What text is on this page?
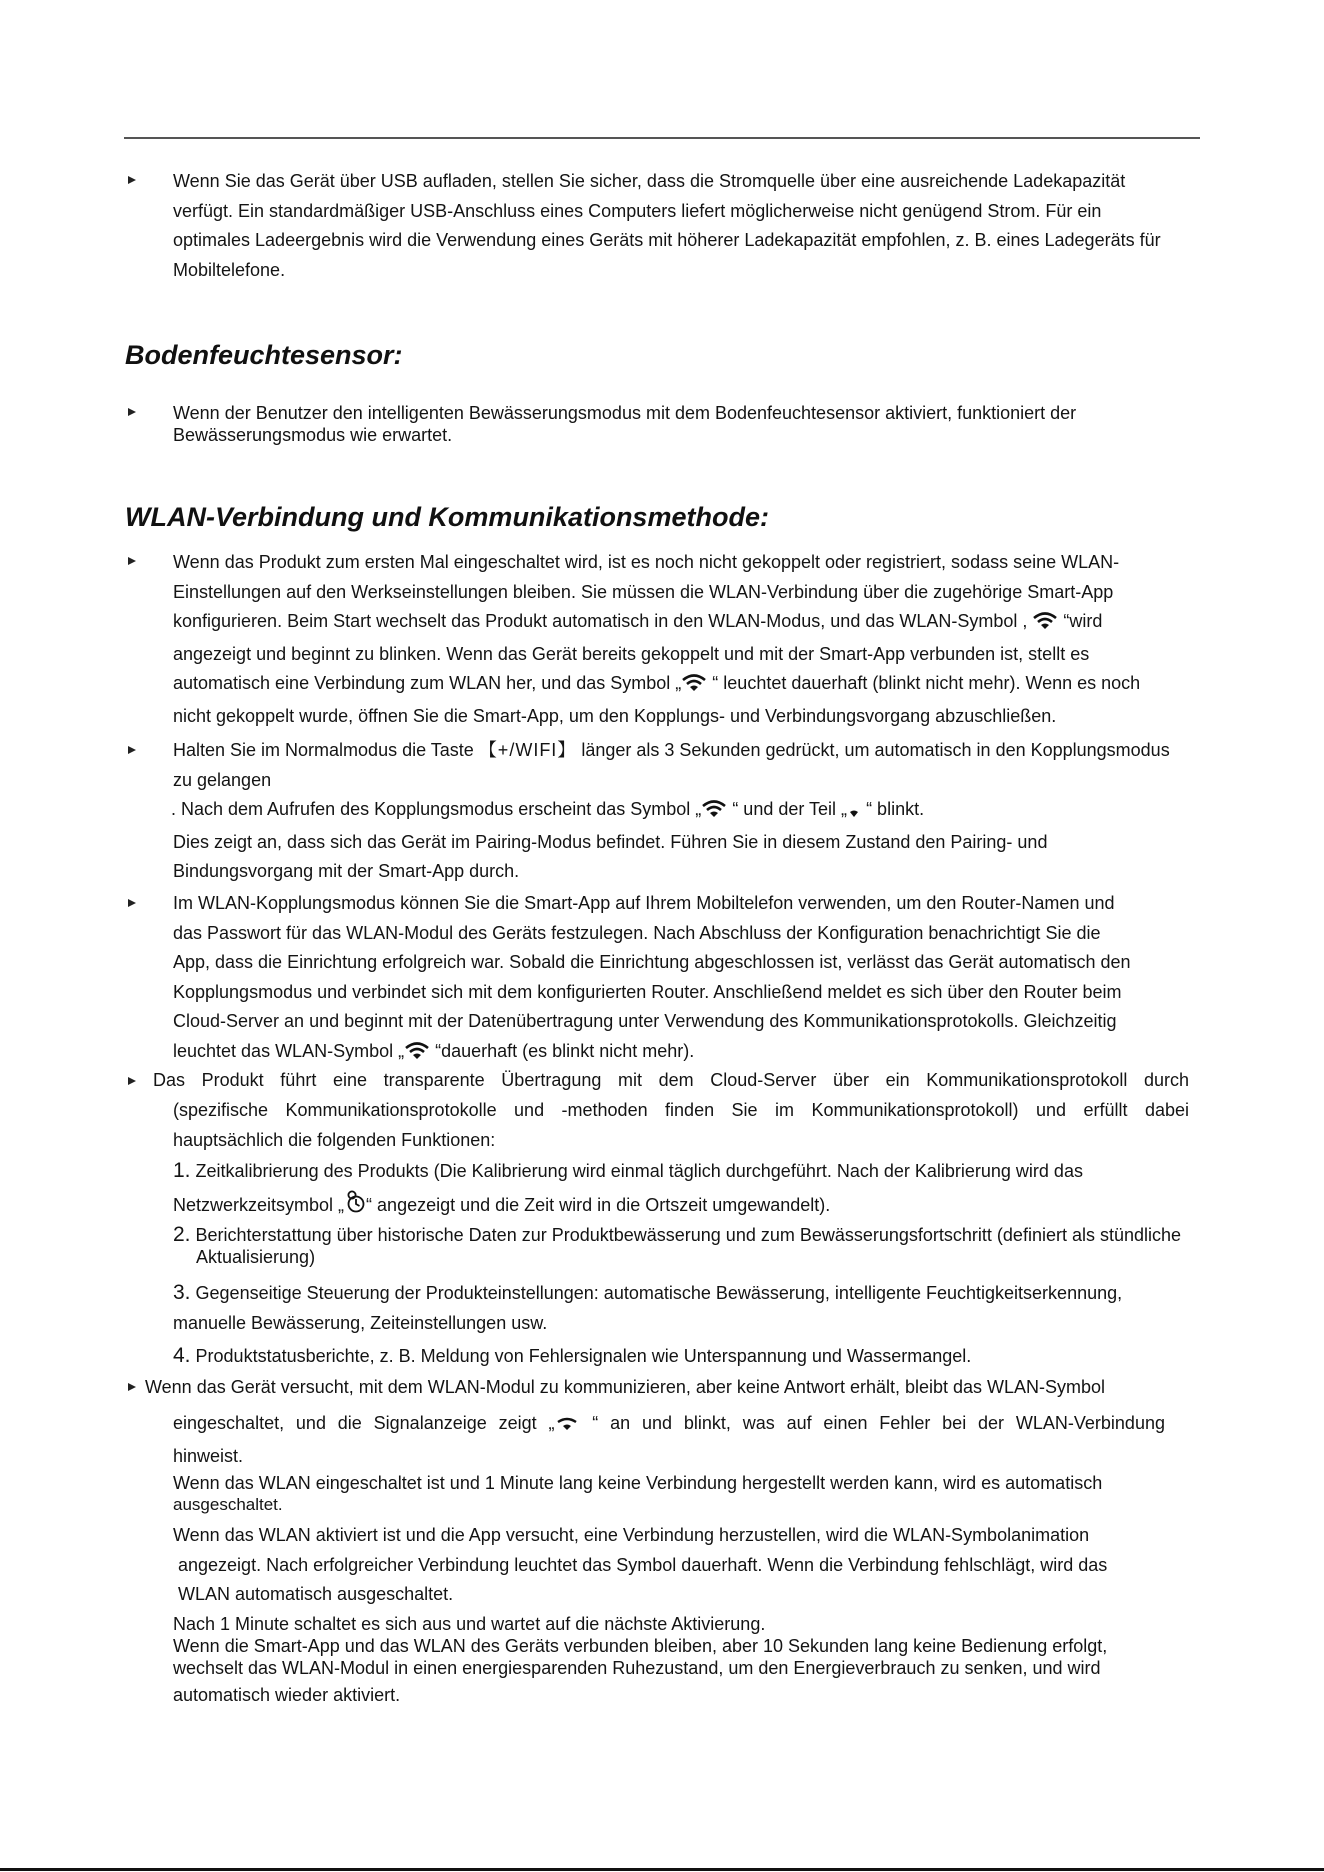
Wenn Sie das Gerät über USB aufladen, stellen Sie sicher, dass die Stromquelle über eine ausreichende Ladekapazität
verfügt. Ein standardmäßiger USB-Anschluss eines Computers liefert möglicherweise nicht genügend Strom. Für ein
optimales Ladeergebnis wird die Verwendung eines Geräts mit höherer Ladekapazität empfohlen, z. B. eines Ladegeräts für
Mobiltelefone.
Bodenfeuchtesensor:
Wenn der Benutzer den intelligenten Bewässerungsmodus mit dem Bodenfeuchtesensor aktiviert, funktioniert der
Bewässerungsmodus wie erwartet.
WLAN-Verbindung und Kommunikationsmethode:
Wenn das Produkt zum ersten Mal eingeschaltet wird, ist es noch nicht gekoppelt oder registriert, sodass seine WLAN-
Einstellungen auf den Werkseinstellungen bleiben. Sie müssen die WLAN-Verbindung über die zugehörige Smart-App
konfigurieren. Beim Start wechselt das Produkt automatisch in den WLAN-Modus, und das WLAN-Symbol , “wird
angezeigt und beginnt zu blinken. Wenn das Gerät bereits gekoppelt und mit der Smart-App verbunden ist, stellt es
automatisch eine Verbindung zum WLAN her, und das Symbol „ “ leuchtet dauerhaft (blinkt nicht mehr). Wenn es noch
nicht gekoppelt wurde, öffnen Sie die Smart-App, um den Kopplungs- und Verbindungsvorgang abzuschließen.
Halten Sie im Normalmodus die Taste 【+/WIFI】 länger als 3 Sekunden gedrückt, um automatisch in den Kopplungsmodus
zu gelangen
. Nach dem Aufrufen des Kopplungsmodus erscheint das Symbol „ “ und der Teil „ “ blinkt.
Dies zeigt an, dass sich das Gerät im Pairing-Modus befindet. Führen Sie in diesem Zustand den Pairing- und
Bindungsvorgang mit der Smart-App durch.
Im WLAN-Kopplungsmodus können Sie die Smart-App auf Ihrem Mobiltelefon verwenden, um den Router-Namen und
das Passwort für das WLAN-Modul des Geräts festzulegen. Nach Abschluss der Konfiguration benachrichtigt Sie die
App, dass die Einrichtung erfolgreich war. Sobald die Einrichtung abgeschlossen ist, verlässt das Gerät automatisch den
Kopplungsmodus und verbindet sich mit dem konfigurierten Router. Anschließend meldet es sich über den Router beim
Cloud-Server an und beginnt mit der Datenübertragung unter Verwendung des Kommunikationsprotokolls. Gleichzeitig
leuchtet das WLAN-Symbol „ “dauerhaft (es blinkt nicht mehr).
Das Produkt führt eine transparente Übertragung mit dem Cloud-Server über ein Kommunikationsprotokoll durch
(spezifische Kommunikationsprotokolle und -methoden finden Sie im Kommunikationsprotokoll) und erfüllt dabei
hauptsächlich die folgenden Funktionen:
1. Zeitkalibrierung des Produkts (Die Kalibrierung wird einmal täglich durchgeführt. Nach der Kalibrierung wird das
Netzwerkzeitsymbol „ “ angezeigt und die Zeit wird in die Ortszeit umgewandelt).
2. Berichterstattung über historische Daten zur Produktbewässerung und zum Bewässerungsfortschritt (definiert als stündliche
Aktualisierung)
3. Gegenseitige Steuerung der Produkteinstellungen: automatische Bewässerung, intelligente Feuchtigkeitserkennung,
manuelle Bewässerung, Zeiteinstellungen usw.
4. Produktstatusberichte, z. B. Meldung von Fehlersignalen wie Unterspannung und Wassermangel.
Wenn das Gerät versucht, mit dem WLAN-Modul zu kommunizieren, aber keine Antwort erhält, bleibt das WLAN-Symbol
eingeschaltet, und die Signalanzeige zeigt „ “ an und blinkt, was auf einen Fehler bei der WLAN-Verbindung
hinweist.
Wenn das WLAN eingeschaltet ist und 1 Minute lang keine Verbindung hergestellt werden kann, wird es automatisch
ausgeschaltet.
Wenn das WLAN aktiviert ist und die App versucht, eine Verbindung herzustellen, wird die WLAN-Symbolanimation
angezeigt. Nach erfolgreicher Verbindung leuchtet das Symbol dauerhaft. Wenn die Verbindung fehlschlägt, wird das
WLAN automatisch ausgeschaltet.
Nach 1 Minute schaltet es sich aus und wartet auf die nächste Aktivierung.
Wenn die Smart-App und das WLAN des Geräts verbunden bleiben, aber 10 Sekunden lang keine Bedienung erfolgt,
wechselt das WLAN-Modul in einen energiesparenden Ruhezustand, um den Energieverbrauch zu senken, und wird
automatisch wieder aktiviert.
